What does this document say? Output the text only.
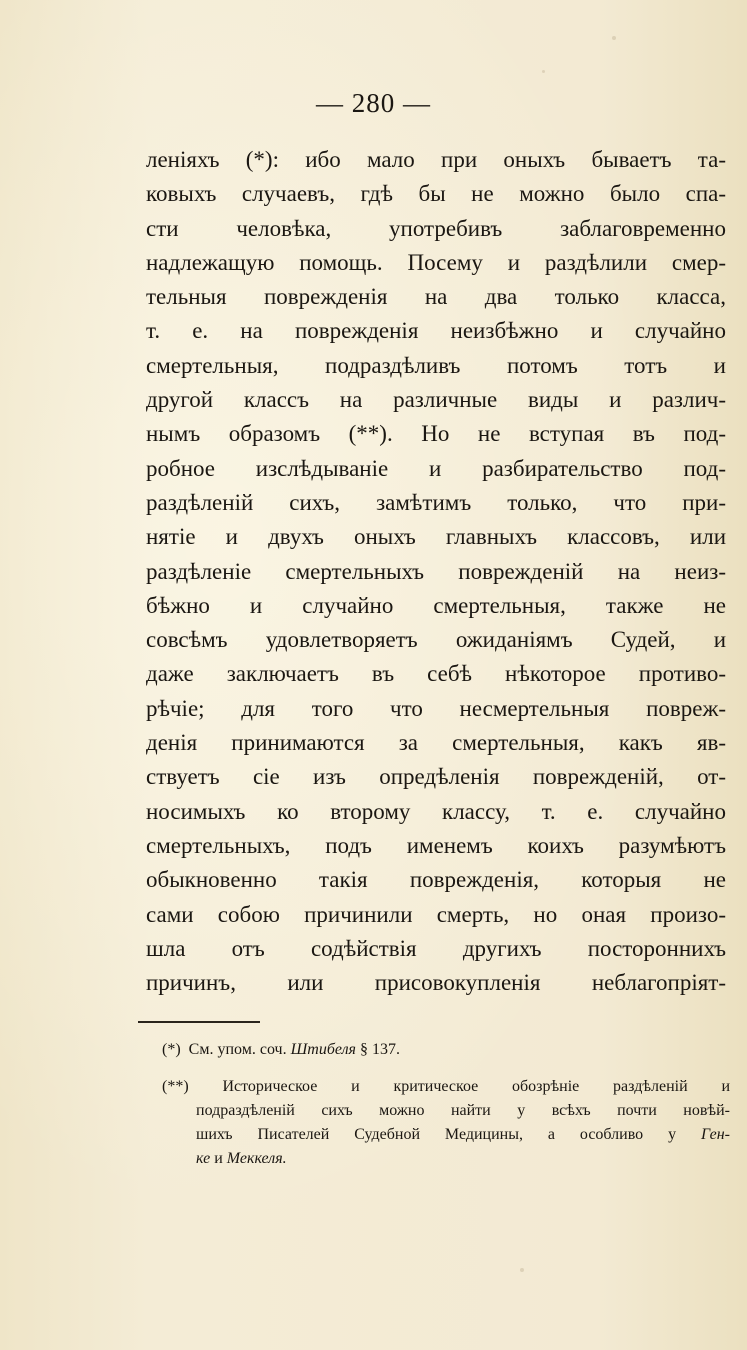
— 280 —
леніяхъ (*): ибо мало при оныхъ бываетъ та-
ковыхъ случаевъ, гдѣ бы не можно было спа-
сти человѣка, употребивъ заблаговременно
надлежащую помощь. Посему и раздѣлили смер-
тельныя поврежденія на два только класса,
т. е. на поврежденія неизбѣжно и случайно
смертельныя, подраздѣливъ потомъ тотъ и
другой классъ на различные виды и различ-
нымъ образомъ (**). Но не вступая въ под-
робное изслѣдываніе и разбирательство под-
раздѣленій сихъ, замѣтимъ только, что при-
нятіе и двухъ оныхъ главныхъ классовъ, или
раздѣленіе смертельныхъ поврежденій на неиз-
бѣжно и случайно смертельныя, также не
совсѣмъ удовлетворяетъ ожиданіямъ Судей, и
даже заключаетъ въ себѣ нѣкоторое противо-
рѣчіе; для того что несмертельныя повреж-
денія принимаются за смертельныя, какъ яв-
ствуетъ сіе изъ опредѣленія поврежденій, от-
носимыхъ ко второму классу, т. е. случайно
смертельныхъ, подъ именемъ коихъ разумѣютъ
обыкновенно такія поврежденія, которыя не
сами собою причинили смерть, но оная произо-
шла отъ содѣйствія другихъ постороннихъ
причинъ, или присовокупленія неблагопріят-
(*) См. упом. соч. Штибеля § 137.
(**) Историческое и критическое обозрѣніе раздѣленій и
подраздѣленій сихъ можно найти у всѣхъ почти новѣй-
шихъ Писателей Судебной Медицины, а особливо у Ген-
ке и Меккеля.
